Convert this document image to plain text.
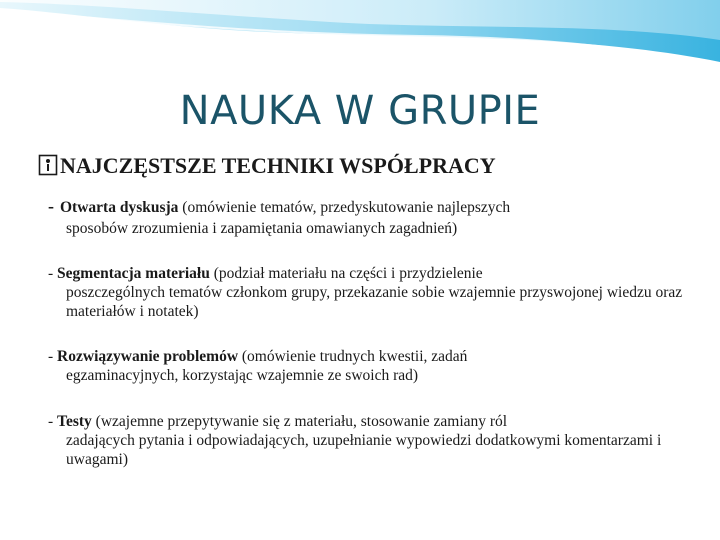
NAUKA W GRUPIE
NAJCZĘSTSZE TECHNIKI WSPÓŁPRACY
- Otwarta dyskusja (omówienie tematów, przedyskutowanie najlepszych
sposobów zrozumienia i zapamiętania omawianych zagadnień)
- Segmentacja materiału (podział materiału na części i przydzielenie
poszczególnych tematów członkom grupy, przekazanie sobie wzajemnie przyswojonej wiedzu oraz materiałów i notatek)
- Rozwiązywanie problemów (omówienie trudnych kwestii, zadań
egzaminacyjnych, korzystając wzajemnie ze swoich rad)
- Testy (wzajemne przepytywanie się z materiału, stosowanie zamiany ról
zadających pytania i odpowiadających, uzupełnianie wypowiedzi dodatkowymi komentarzami i uwagami)
